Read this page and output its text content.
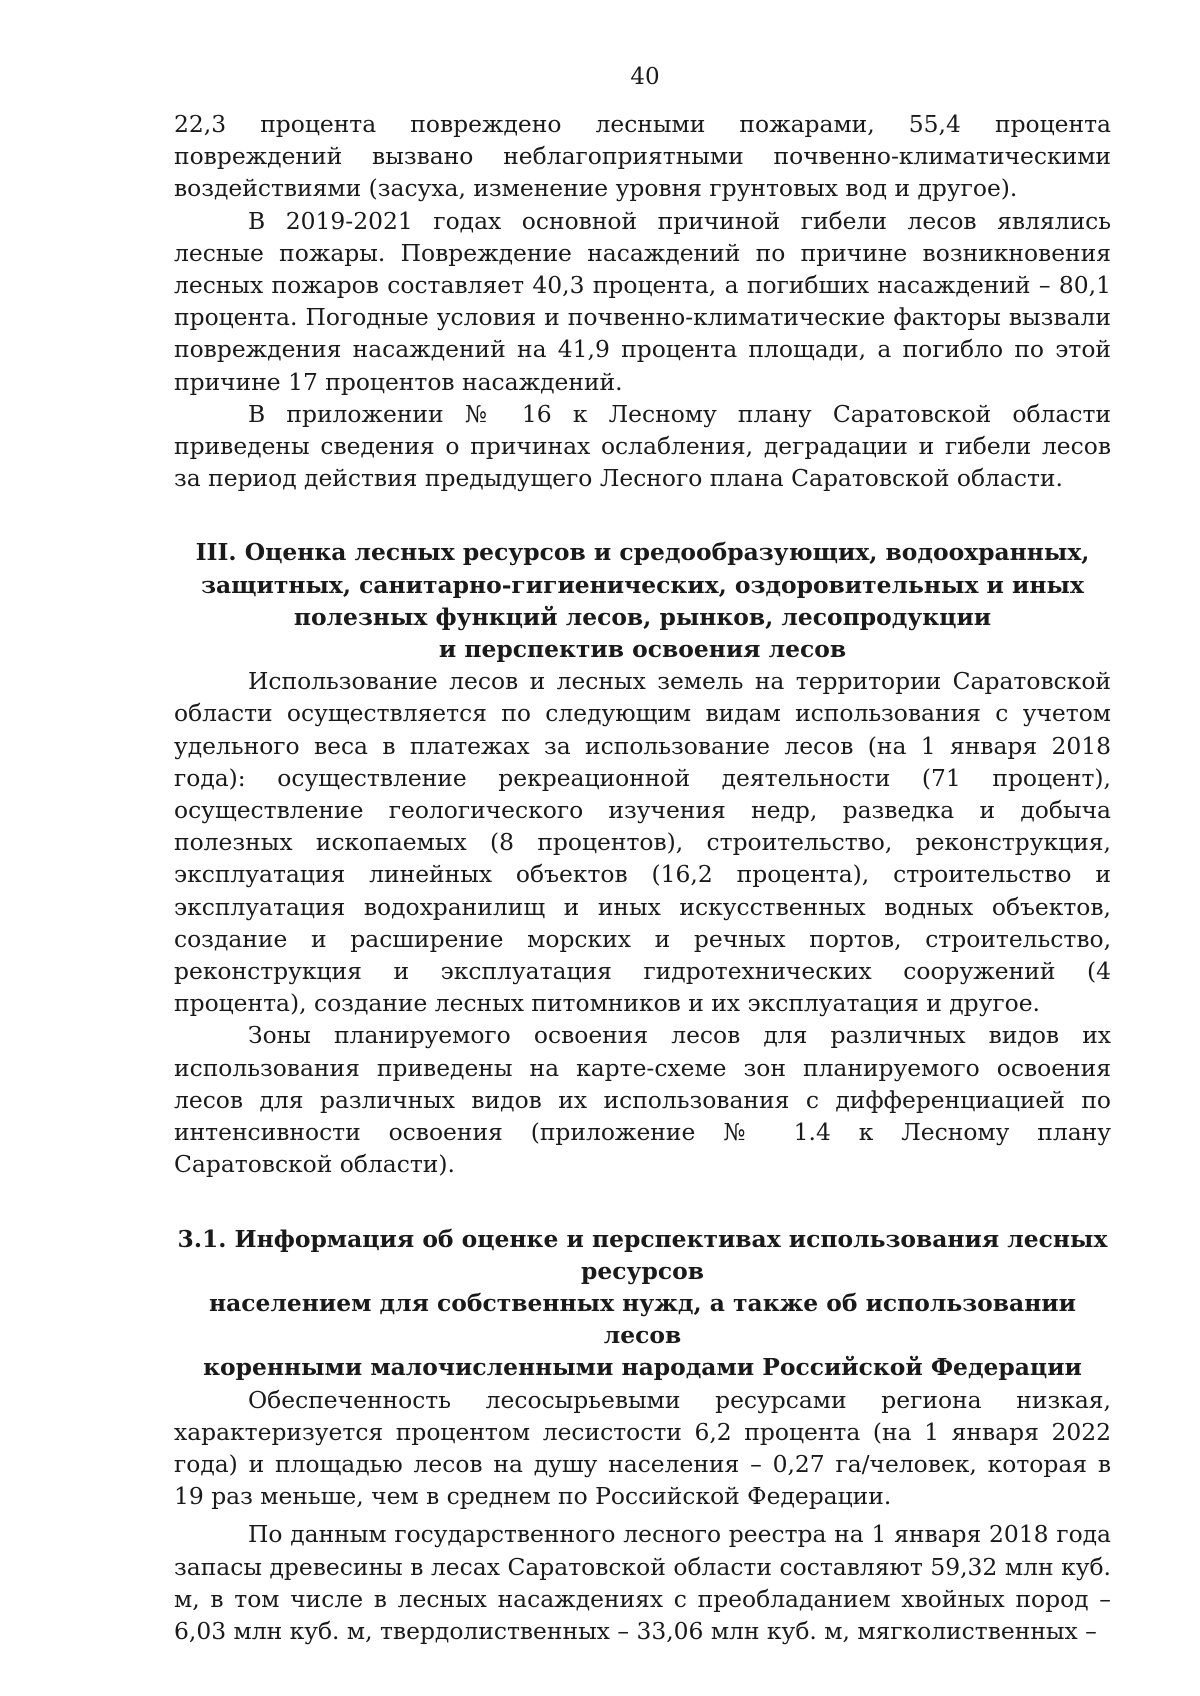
40

22,3 процента повреждено лесными пожарами, 55,4 процента повреждений вызвано неблагоприятными почвенно-климатическими воздействиями (засуха, изменение уровня грунтовых вод и другое).

В 2019-2021 годах основной причиной гибели лесов являлись лесные пожары. Повреждение насаждений по причине возникновения лесных пожаров составляет 40,3 процента, а погибших насаждений – 80,1 процента. Погодные условия и почвенно-климатические факторы вызвали повреждения насаждений на 41,9 процента площади, а погибло по этой причине 17 процентов насаждений.

В приложении № 16 к Лесному плану Саратовской области приведены сведения о причинах ослабления, деградации и гибели лесов за период действия предыдущего Лесного плана Саратовской области.

III. Оценка лесных ресурсов и средообразующих, водоохранных,
защитных, санитарно-гигиенических, оздоровительных и иных
полезных функций лесов, рынков, лесопродукции
и перспектив освоения лесов

Использование лесов и лесных земель на территории Саратовской области осуществляется по следующим видам использования с учетом удельного веса в платежах за использование лесов (на 1 января 2018 года): осуществление рекреационной деятельности (71 процент), осуществление геологического изучения недр, разведка и добыча полезных ископаемых (8 процентов), строительство, реконструкция, эксплуатация линейных объектов (16,2 процента), строительство и эксплуатация водохранилищ и иных искусственных водных объектов, создание и расширение морских и речных портов, строительство, реконструкция и эксплуатация гидротехнических сооружений (4 процента), создание лесных питомников и их эксплуатация и другое.

Зоны планируемого освоения лесов для различных видов их использования приведены на карте-схеме зон планируемого освоения лесов для различных видов их использования с дифференциацией по интенсивности освоения (приложение № 1.4 к Лесному плану Саратовской области).

3.1. Информация об оценке и перспективах использования лесных ресурсов
населением для собственных нужд, а также об использовании лесов
коренными малочисленными народами Российской Федерации

Обеспеченность лесосырьевыми ресурсами региона низкая, характеризуется процентом лесистости 6,2 процента (на 1 января 2022 года) и площадью лесов на душу населения – 0,27 га/человек, которая в 19 раз меньше, чем в среднем по Российской Федерации.

По данным государственного лесного реестра на 1 января 2018 года запасы древесины в лесах Саратовской области составляют 59,32 млн куб. м, в том числе в лесных насаждениях с преобладанием хвойных пород – 6,03 млн куб. м, твердолиственных – 33,06 млн куб. м, мягколиственных –
